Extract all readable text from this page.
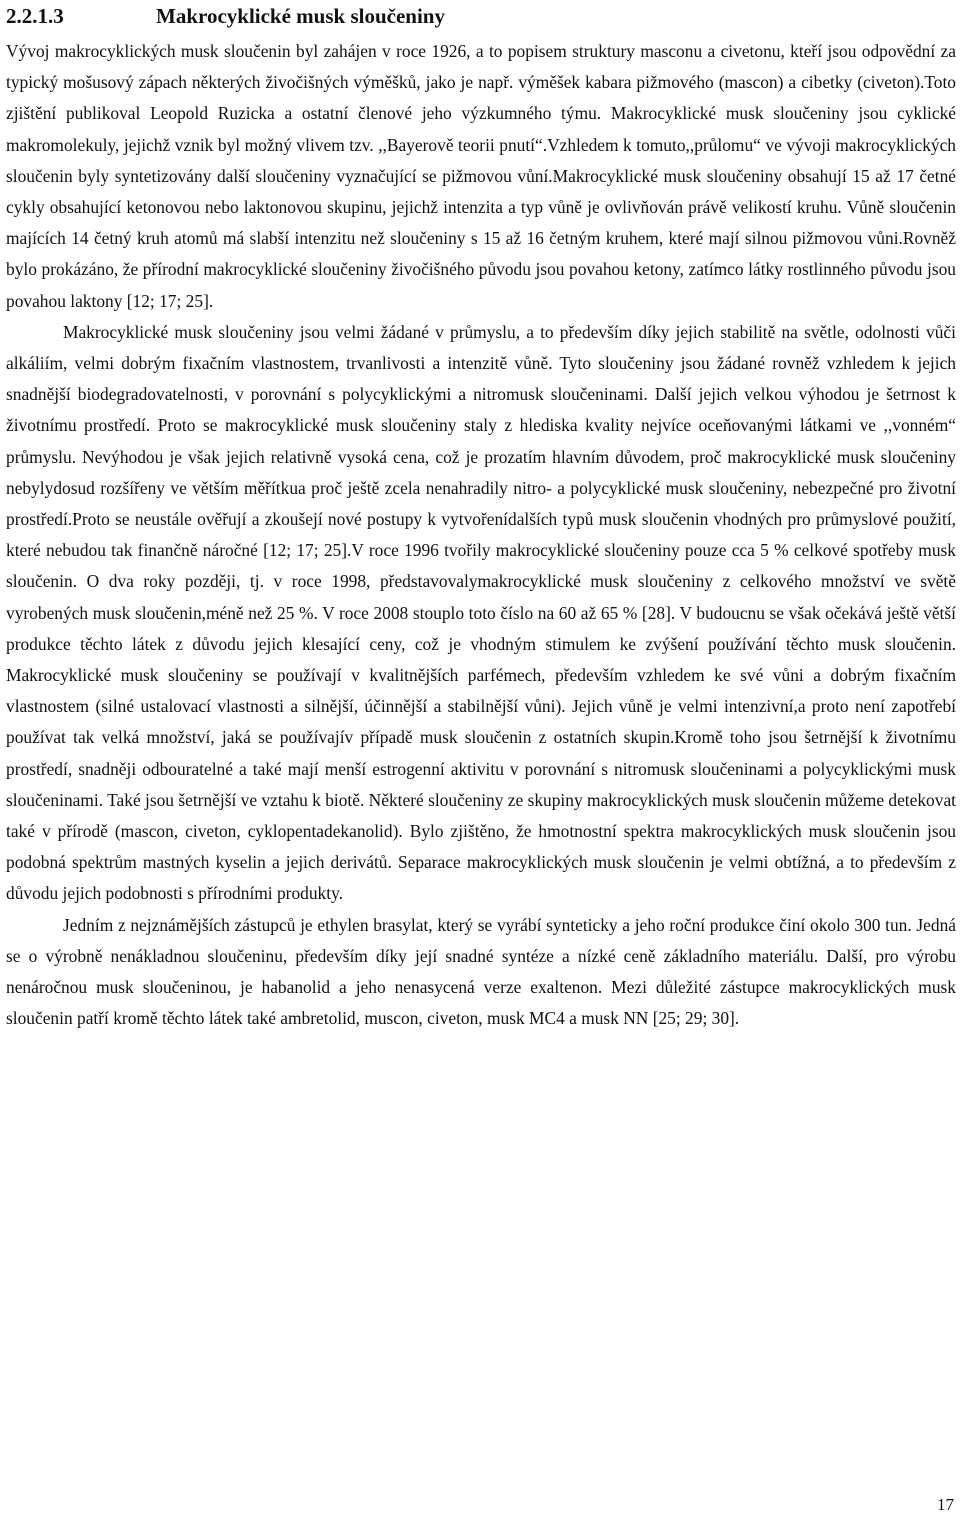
2.2.1.3	Makrocyklické musk sloučeniny

Vývoj makrocyklických musk sloučenin byl zahájen v roce 1926, a to popisem struktury masconu a civetonu, kteří jsou odpovědní za typický mošusový zápach některých živočišných výměšků, jako je např. výměšek kabara pižmového (mascon) a cibetky (civeton).Toto zjištění publikoval Leopold Ruzicka a ostatní členové jeho výzkumného týmu. Makrocyklické musk sloučeniny jsou cyklické makromolekuly, jejichž vznik byl možný vlivem tzv. ,,Bayerově teorii pnutí“.Vzhledem k tomuto,,průlomu“ ve vývoji makrocyklických sloučenin byly syntetizovány další sloučeniny vyznačující se pižmovou vůní.Makrocyklické musk sloučeniny obsahují 15 až 17 četné cykly obsahující ketonovou nebo laktonovou skupinu, jejichž intenzita a typ vůně je ovlivňován právě velikostí kruhu. Vůně sloučenin majících 14 četný kruh atomů má slabší intenzitu než sloučeniny s 15 až 16 četným kruhem, které mají silnou pižmovou vůni.Rovněž bylo prokázáno, že přírodní makrocyklické sloučeniny živočišného původu jsou povahou ketony, zatímco látky rostlinného původu jsou povahou laktony [12; 17; 25].

Makrocyklické musk sloučeniny jsou velmi žádané v průmyslu, a to především díky jejich stabilitě na světle, odolnosti vůči alkáliím, velmi dobrým fixačním vlastnostem, trvanlivosti a intenzitě vůně. Tyto sloučeniny jsou žádané rovněž vzhledem k jejich snadnější biodegradovatelnosti, v porovnání s polycyklickými a nitromusk sloučeninami. Další jejich velkou výhodou je šetrnost k životnímu prostředí. Proto se makrocyklické musk sloučeniny staly z hlediska kvality nejvíce oceňovanými látkami ve ,,vonném“ průmyslu. Nevýhodou je však jejich relativně vysoká cena, což je prozatím hlavním důvodem, proč makrocyklické musk sloučeniny nebylydosud rozšířeny ve větším měřítkua proč ještě zcela nenahradily nitro- a polycyklické musk sloučeniny, nebezpečné pro životní prostředí.Proto se neustále ověřují a zkoušejí nové postupy k vytvořenídalších typů musk sloučenin vhodných pro průmyslové použití, které nebudou tak finančně náročné [12; 17; 25].V roce 1996 tvořily makrocyklické sloučeniny pouze cca 5 % celkové spotřeby musk sloučenin. O dva roky později, tj. v roce 1998, představovalymakrocyklické musk sloučeniny z celkového množství ve světě vyrobených musk sloučenin,méně než 25 %. V roce 2008 stouplo toto číslo na 60 až 65 % [28]. V budoucnu se však očekává ještě větší produkce těchto látek z důvodu jejich klesající ceny, což je vhodným stimulem ke zvýšení používání těchto musk sloučenin. Makrocyklické musk sloučeniny se používají v kvalitnějších parfémech, především vzhledem ke své vůni a dobrým fixačním vlastnostem (silné ustalovací vlastnosti a silnější, účinnější a stabilnější vůni). Jejich vůně je velmi intenzivní,a proto není zapotřebí používat tak velká množství, jaká se používajív případě musk sloučenin z ostatních skupin.Kromě toho jsou šetrnější k životnímu prostředí, snadněji odbouratelné a také mají menší estrogenní aktivitu v porovnání s nitromusk sloučeninami a polycyklickými musk sloučeninami. Také jsou šetrnější ve vztahu k biotě. Některé sloučeniny ze skupiny makrocyklických musk sloučenin můžeme detekovat také v přírodě (mascon, civeton, cyklopentadekanolid). Bylo zjištěno, že hmotnostní spektra makrocyklických musk sloučenin jsou podobná spektrům mastných kyselin a jejich derivátů. Separace makrocyklických musk sloučenin je velmi obtížná, a to především z důvodu jejich podobnosti s přírodními produkty.

Jedním z nejznámějších zástupců je ethylen brasylat, který se vyrábí synteticky a jeho roční produkce činí okolo 300 tun. Jedná se o výrobně nenákladnou sloučeninu, především díky její snadné syntéze a nízké ceně základního materiálu. Další, pro výrobu nenáročnou musk sloučeninou, je habanolid a jeho nenasycená verze exaltenon. Mezi důležité zástupce makrocyklických musk sloučenin patří kromě těchto látek také ambretolid, muscon, civeton, musk MC4 a musk NN [25; 29; 30].

17
